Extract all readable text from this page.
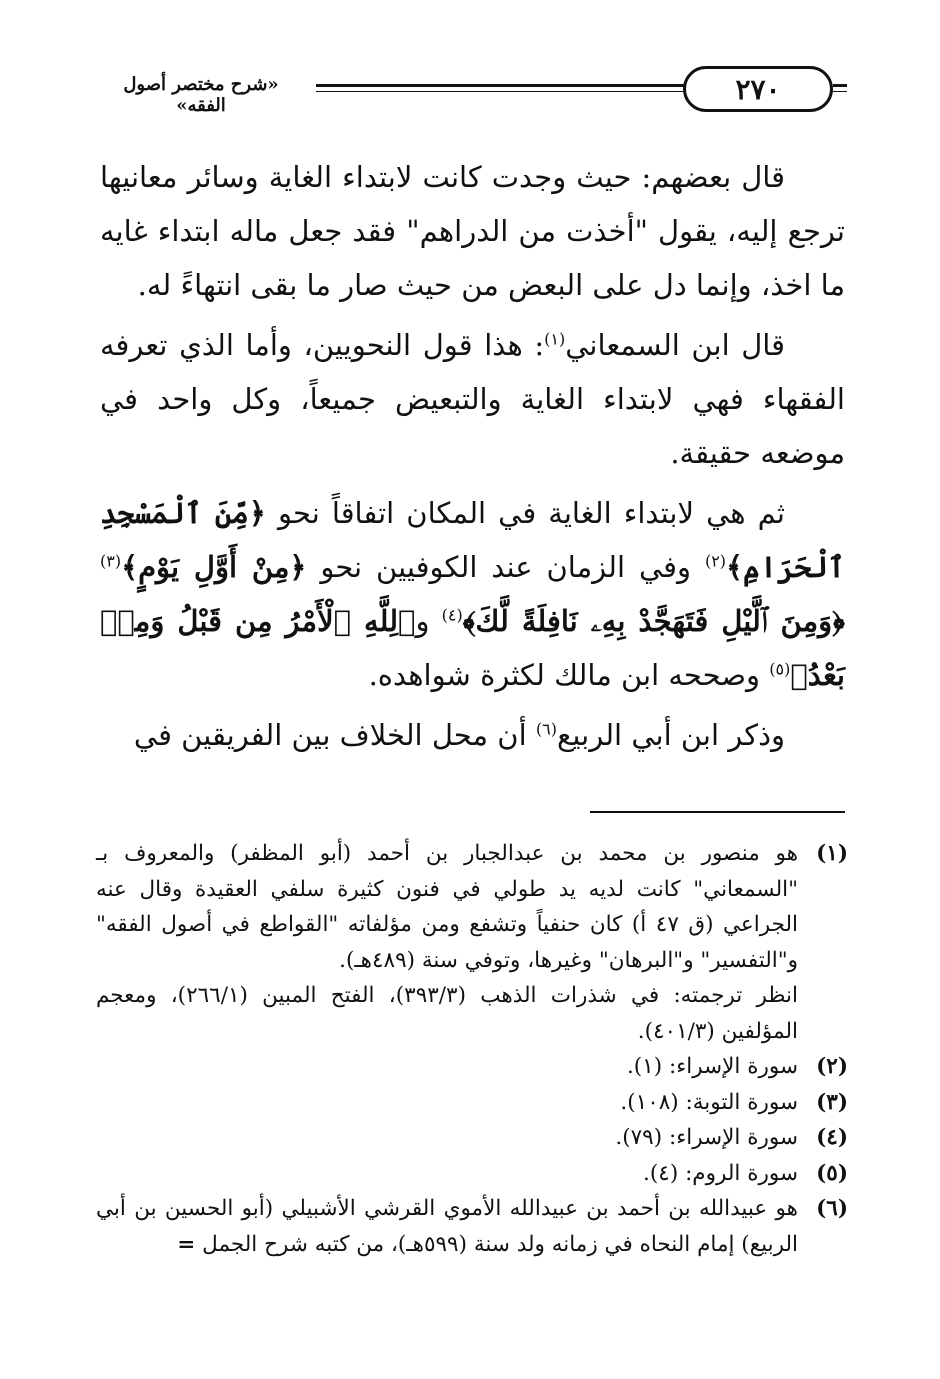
٢٧٠
«شرح مختصر أصول الفقه»

قال بعضهم: حيث وجدت كانت لابتداء الغاية وسائر معانيها ترجع إليه، يقول "أخذت من الدراهم" فقد جعل ماله ابتداء غايه ما اخذ، وإنما دل على البعض من حيث صار ما بقى انتهاءً له.

قال ابن السمعاني$^{(١)}$: هذا قول النحويين، وأما الذي تعرفه الفقهاء فهي لابتداء الغاية والتبعيض جميعاً، وكل واحد في موضعه حقيقة.

ثم هي لابتداء الغاية في المكان اتفاقاً نحو ﴿مِّنَ ٱلْمَسْجِدِ ٱلْحَرَامِ﴾$^{(٢)}$ وفي الزمان عند الكوفيين نحو ﴿مِنْ أَوَّلِ يَوْمٍ﴾$^{(٣)}$ ﴿وَمِنَ ٱلَّيْلِ فَتَهَجَّدْ بِهِۦ نَافِلَةً لَّكَ﴾$^{(٤)}$ و﴿لِلَّهِ ٱلْأَمْرُ مِن قَبْلُ وَمِنۢ بَعْدُ﴾$^{(٥)}$ وصححه ابن مالك لكثرة شواهده.

وذكر ابن أبي الربيع$^{(٦)}$ أن محل الخلاف بين الفريقين في

(١)
هو منصور بن محمد بن عبدالجبار بن أحمد (أبو المظفر) والمعروف بـ "السمعاني" كانت لديه يد طولي في فنون كثيرة سلفي العقيدة وقال عنه الجراعي (ق ٤٧ أ) كان حنفياً وتشفع ومن مؤلفاته "القواطع في أصول الفقه" و"التفسير" و"البرهان" وغيرها، وتوفي سنة (٤٨٩هـ).
انظر ترجمته: في شذرات الذهب (٣٩٣/٣)، الفتح المبين (٢٦٦/١)، ومعجم المؤلفين (٤٠١/٣).
(٢)
سورة الإسراء: (١).
(٣)
سورة التوبة: (١٠٨).
(٤)
سورة الإسراء: (٧٩).
(٥)
سورة الروم: (٤).
(٦)
هو عبيدالله بن أحمد بن عبيدالله الأموي القرشي الأشبيلي (أبو الحسين بن أبي الربيع) إمام النحاه في زمانه ولد سنة (٥٩٩هـ)، من كتبه شرح الجمل =
